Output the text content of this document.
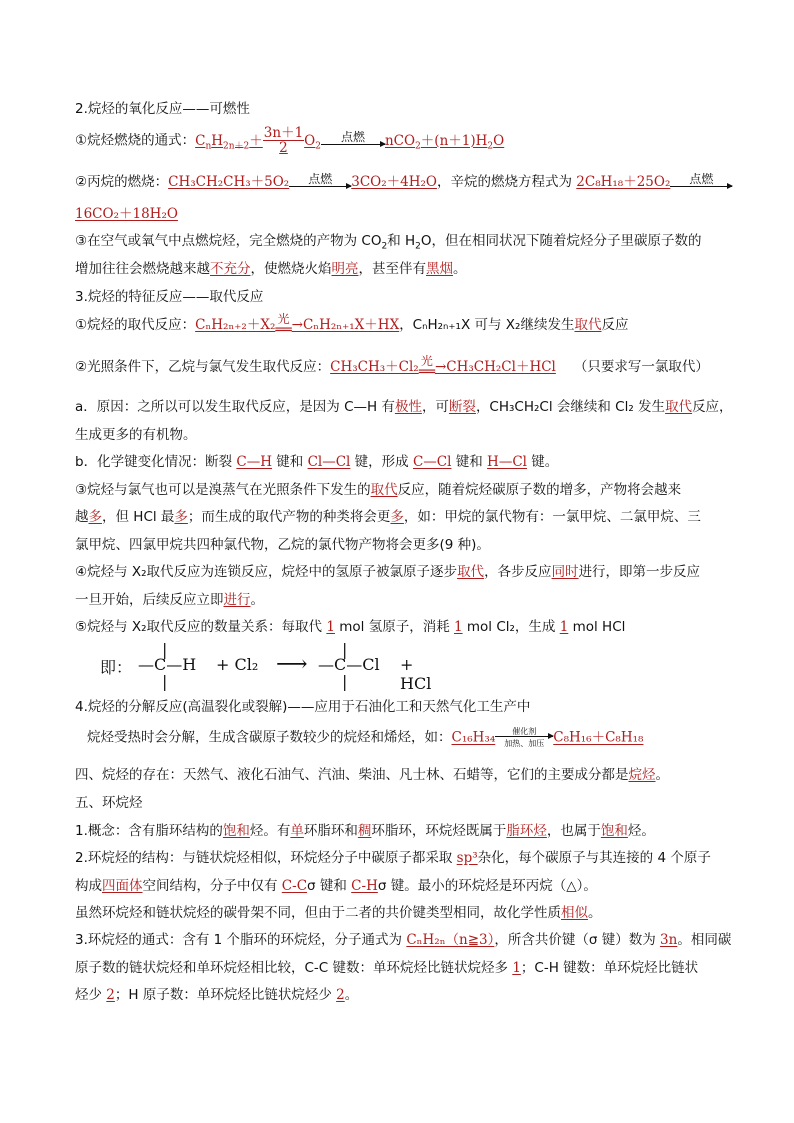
2.烷烃的氧化反应——可燃性
①烷烃燃烧的通式：$C_nH_{2n+2}+ \frac{3n+1}{2} O_2$
点燃	$nCO_2+(n+1)H_2O$
②丙烷的燃烧：CH₃CH₂CH₃＋5O₂	点燃	3CO₂＋4H₂O，辛烷的燃烧方程式为 2C₈H₁₈＋25O₂	点燃
16CO₂＋18H₂O
③在空气或氧气中点燃烷烃，完全燃烧的产物为 $CO_2$和 $H_2O$，但在相同状况下随着烷烃分子里碳原子数的
增加往往会燃烧越来越不充分，使燃烧火焰明亮，甚至伴有黑烟。
3.烷烃的特征反应——取代反应
①烷烃的取代反应：CₙH₂ₙ₊₂＋X₂ 光
══ →CₙH₂ₙ₊₁X＋HX，CₙH₂ₙ₊₁X 可与 X₂继续发生取代反应
②光照条件下，乙烷与氯气发生取代反应：CH₃CH₃＋Cl₂ 光
══ →CH₃CH₂Cl＋HCl （只要求写一氯取代）
a．原因：之所以可以发生取代反应，是因为 C—H 有极性，可断裂，CH₃CH₂Cl 会继续和 Cl₂ 发生取代反应，
生成更多的有机物。
b．化学键变化情况：断裂 C—H 键和 Cl—Cl 键，形成 C—Cl 键和 H—Cl 键。
③烷烃与氯气也可以是溴蒸气在光照条件下发生的取代反应，随着烷烃碳原子数的增多，产物将会越来
越多，但 HCl 最多；而生成的取代产物的种类将会更多，如：甲烷的氯代物有：一氯甲烷、二氯甲烷、三
氯甲烷、四氯甲烷共四种氯代物，乙烷的氯代物产物将会更多(9 种)。
④烷烃与 X₂取代反应为连锁反应，烷烃中的氢原子被氯原子逐步取代，各步反应同时进行，即第一步反应
一旦开始，后续反应立即进行。
⑤烷烃与 X₂取代反应的数量关系：每取代 1 mol 氢原子，消耗 1 mol Cl₂，生成 1 mol HCl
即：
|
—C—H
|
+ Cl₂ ⟶
|
—C—Cl
|
+ HCl
4.烷烃的分解反应(高温裂化或裂解)——应用于石油化工和天然气化工生产中
烷烃受热时会分解，生成含碳原子数较少的烷烃和烯烃，如：C₁₆H₃₄	催化剂
加热、加压 C₈H₁₆＋C₈H₁₈
四、烷烃的存在：天然气、液化石油气、汽油、柴油、凡士林、石蜡等，它们的主要成分都是烷烃。
五、环烷烃
1.概念：含有脂环结构的饱和烃。有单环脂环和稠环脂环，环烷烃既属于脂环烃，也属于饱和烃。
2.环烷烃的结构：与链状烷烃相似，环烷烃分子中碳原子都采取 sp³杂化，每个碳原子与其连接的 4 个原子
构成四面体空间结构，分子中仅有 C-Cσ 键和 C-Hσ 键。最小的环烷烃是环丙烷（△）。
虽然环烷烃和链状烷烃的碳骨架不同，但由于二者的共价键类型相同，故化学性质相似。
3.环烷烃的通式：含有 1 个脂环的环烷烃，分子通式为 CₙH₂ₙ（n≧3），所含共价键（σ 键）数为 3n。相同碳
原子数的链状烷烃和单环烷烃相比较，C-C 键数：单环烷烃比链状烷烃多 1；C-H 键数：单环烷烃比链状
烃少 2；H 原子数：单环烷烃比链状烷烃少 2。
